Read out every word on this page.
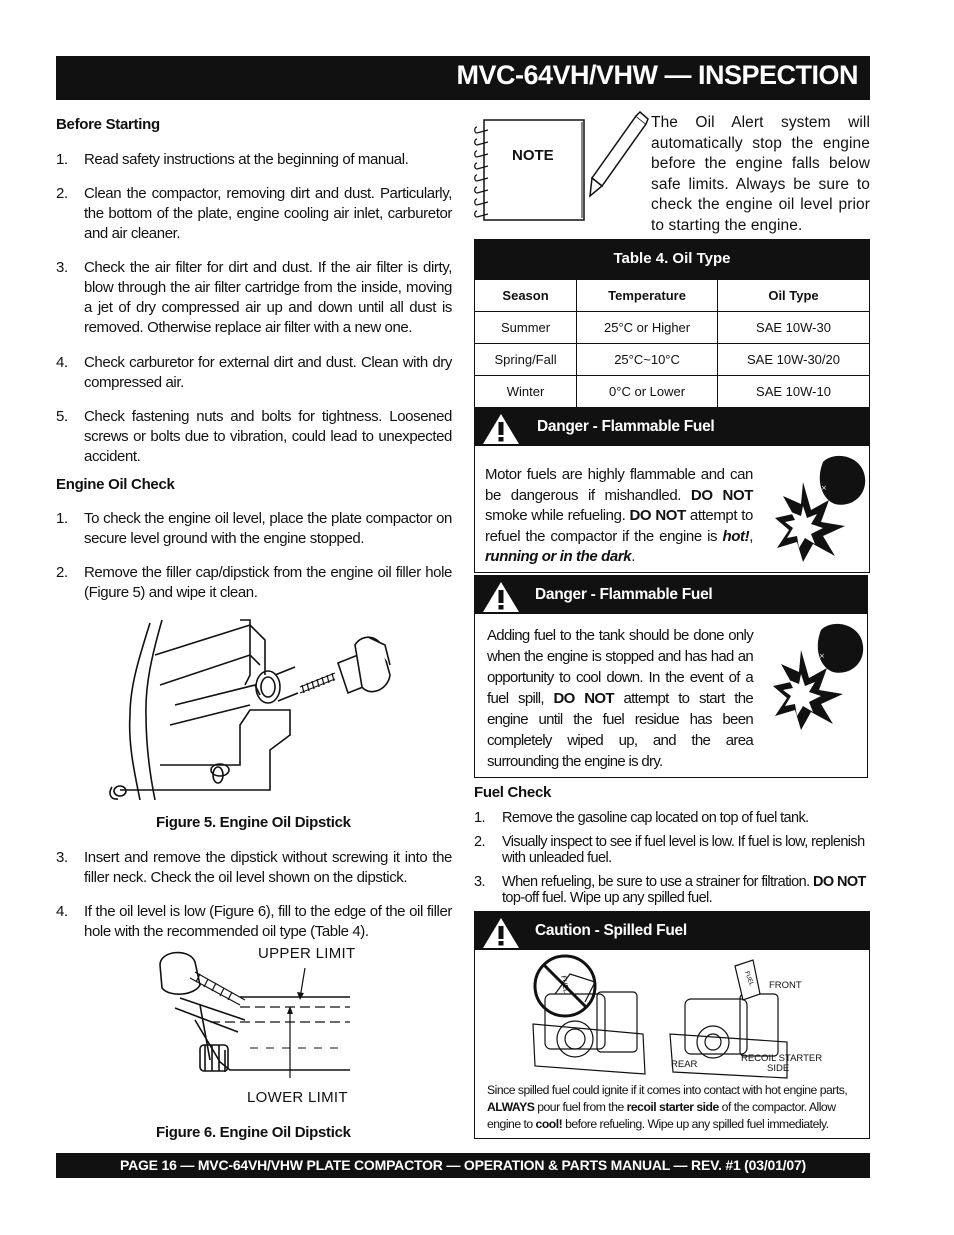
MVC-64VH/VHW — INSPECTION
Before Starting
1.	Read safety instructions at the beginning of manual.
2.	Clean the compactor, removing dirt and dust. Particularly, the bottom of the plate, engine cooling air inlet, carburetor and air cleaner.
3.	Check the air filter for dirt and dust. If the air filter is dirty, blow through the air filter cartridge from the inside, moving a jet of dry compressed air up and down until all dust is removed. Otherwise replace air filter with a new one.
4.	Check carburetor for external dirt and dust. Clean with dry compressed air.
5.	Check fastening nuts and bolts for tightness. Loosened screws or bolts due to vibration, could lead to unexpected accident.
Engine Oil Check
1.	To check the engine oil level, place the plate compactor on secure level ground with the engine stopped.
2.	Remove the filler cap/dipstick from the engine oil filler hole (Figure 5) and wipe it clean.
Figure 5. Engine Oil Dipstick
3.	Insert and remove the dipstick without screwing it into the filler neck. Check the oil level shown on the dipstick.
4.	If the oil level is low (Figure 6), fill to the edge of the oil filler hole with the recommended oil type (Table 4).
UPPER LIMIT
LOWER LIMIT
Figure 6. Engine Oil Dipstick
NOTE
The Oil Alert system will automatically stop the engine before the engine falls below safe limits. Always be sure to check the engine oil level prior to starting the engine.
Table 4. Oil Type
Season	Temperature	Oil Type
Summer	25°C or Higher	SAE 10W-30
Spring/Fall	25°C~10°C	SAE 10W-30/20
Winter	0°C or Lower	SAE 10W-10
Danger - Flammable Fuel
Motor fuels are highly flammable and can be dangerous if mishandled. DO NOT smoke while refueling. DO NOT attempt to refuel the compactor if the engine is hot!, running or in the dark.
×
Danger - Flammable Fuel
Adding fuel to the tank should be done only when the engine is stopped and has had an opportunity to cool down. In the event of a fuel spill, DO NOT attempt to start the engine until the fuel residue has been completely wiped up, and the area surrounding the engine is dry.
×
Fuel Check
1. Remove the gasoline cap located on top of fuel tank.
2. Visually inspect to see if fuel level is low. If fuel is low, replenish with unleaded fuel.
3. When refueling, be sure to use a strainer for filtration. DO NOT top-off fuel. Wipe up any spilled fuel.
Caution - Spilled Fuel
FUEL	FUEL FRONT
REAR
RECOIL STARTER
SIDE
Since spilled fuel could ignite if it comes into contact with hot engine parts, ALWAYS pour fuel from the recoil starter side of the compactor. Allow engine to cool! before refueling. Wipe up any spilled fuel immediately.
PAGE 16 — MVC-64VH/VHW PLATE COMPACTOR — OPERATION & PARTS MANUAL — REV. #1 (03/01/07)
